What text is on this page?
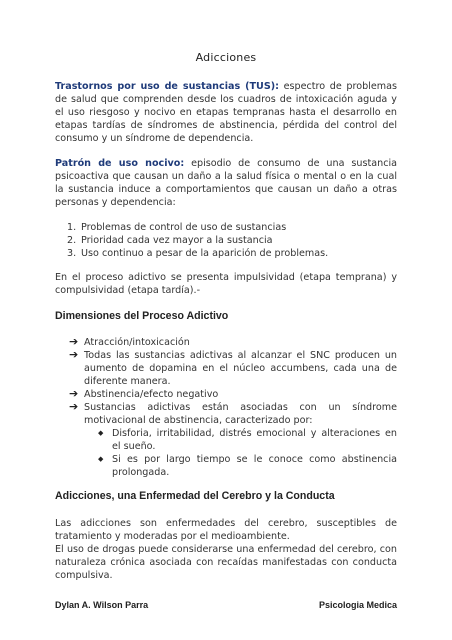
Adicciones
Trastornos por uso de sustancias (TUS): espectro de problemas de salud que comprenden desde los cuadros de intoxicación aguda y el uso riesgoso y nocivo en etapas tempranas hasta el desarrollo en etapas tardías de síndromes de abstinencia, pérdida del control del consumo y un síndrome de dependencia.
Patrón de uso nocivo: episodio de consumo de una sustancia psicoactiva que causan un daño a la salud física o mental o en la cual la sustancia induce a comportamientos que causan un daño a otras personas y dependencia:
1. Problemas de control de uso de sustancias
2. Prioridad cada vez mayor a la sustancia
3. Uso continuo a pesar de la aparición de problemas.
En el proceso adictivo se presenta impulsividad (etapa temprana) y compulsividad (etapa tardía).-
Dimensiones del Proceso Adictivo
➔ Atracción/intoxicación
➔ Todas las sustancias adictivas al alcanzar el SNC producen un aumento de dopamina en el núcleo accumbens, cada una de diferente manera.
➔ Abstinencia/efecto negativo
➔ Sustancias adictivas están asociadas con un síndrome motivacional de abstinencia, caracterizado por:
◆ Disforia, irritabilidad, distrés emocional y alteraciones en el sueño.
◆ Si es por largo tiempo se le conoce como abstinencia prolongada.
Adicciones, una Enfermedad del Cerebro y la Conducta
Las adicciones son enfermedades del cerebro, susceptibles de tratamiento y moderadas por el medioambiente.
El uso de drogas puede considerarse una enfermedad del cerebro, con naturaleza crónica asociada con recaídas manifestadas con conducta compulsiva.
Dylan A. Wilson Parra	Psicologia Medica
